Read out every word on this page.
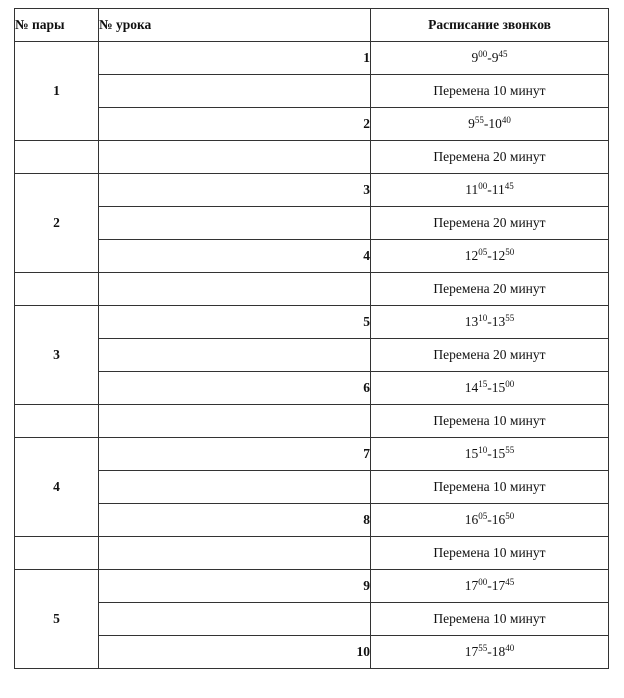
№ пары	№ урока	Расписание звонков
1	1	$9^{00}-9^{45}$
		Перемена 10 минут
	2	$9^{55}-10^{40}$
		Перемена 20 минут
2	3	$11^{00}-11^{45}$
		Перемена 20 минут
	4	$12^{05}-12^{50}$
		Перемена 20 минут
3	5	$13^{10}-13^{55}$
		Перемена 20 минут
	6	$14^{15}-15^{00}$
		Перемена 10 минут
4	7	$15^{10}-15^{55}$
		Перемена 10 минут
	8	$16^{05}-16^{50}$
		Перемена 10 минут
5	9	$17^{00}-17^{45}$
		Перемена 10 минут
	10	$17^{55}-18^{40}$
